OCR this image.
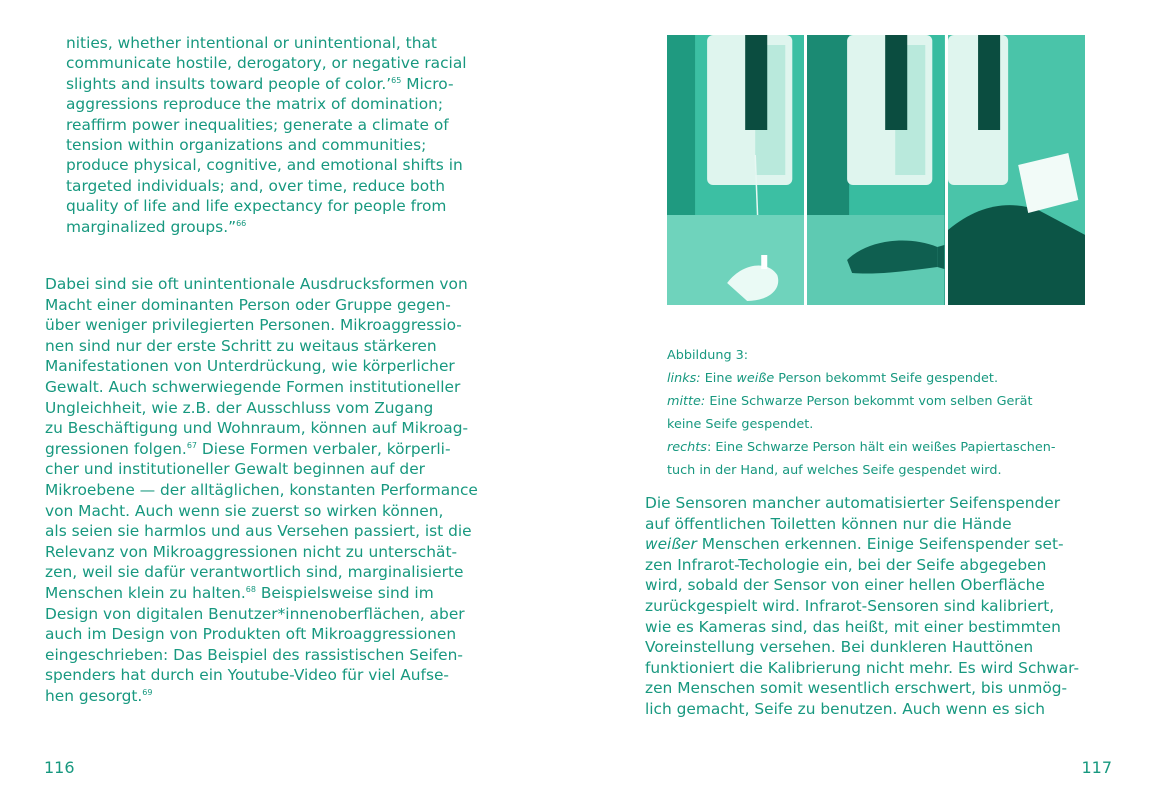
nities, whether intentional or unintentional, that
communicate hostile, derogatory, or negative racial
slights and insults toward people of color.’$^{65}$ Micro-
aggressions reproduce the matrix of domination;
reaffirm power inequalities; generate a climate of
tension within organizations and communities;
produce physical, cognitive, and emotional shifts in
targeted individuals; and, over time, reduce both
quality of life and life expectancy for people from
marginalized groups.”$^{66}$
Dabei sind sie oft unintentionale Ausdrucksformen von
Macht einer dominanten Person oder Gruppe gegen-
über weniger privilegierten Personen. Mikroaggressio-
nen sind nur der erste Schritt zu weitaus stärkeren
Manifestationen von Unterdrückung, wie körperlicher
Gewalt. Auch schwerwiegende Formen institutioneller
Ungleichheit, wie z.B. der Ausschluss vom Zugang
zu Beschäftigung und Wohnraum, können auf Mikroag-
gressionen folgen.$^{67}$ Diese Formen verbaler, körperli-
cher und institutioneller Gewalt beginnen auf der
Mikroebene — der alltäglichen, konstanten Performance
von Macht. Auch wenn sie zuerst so wirken können,
als seien sie harmlos und aus Versehen passiert, ist die
Relevanz von Mikroaggressionen nicht zu unterschät-
zen, weil sie dafür verantwortlich sind, marginalisierte
Menschen klein zu halten.$^{68}$ Beispielsweise sind im
Design von digitalen Benutzer*innenoberflächen, aber
auch im Design von Produkten oft Mikroaggressionen
eingeschrieben: Das Beispiel des rassistischen Seifen-
spenders hat durch ein Youtube-Video für viel Aufse-
hen gesorgt.$^{69}$
116
Abbildung 3:
links: Eine weiße Person bekommt Seife gespendet.
mitte: Eine Schwarze Person bekommt vom selben Gerät
keine Seife gespendet.
rechts: Eine Schwarze Person hält ein weißes Papiertaschen-
tuch in der Hand, auf welches Seife gespendet wird.
Die Sensoren mancher automatisierter Seifenspender
auf öffentlichen Toiletten können nur die Hände
weißer Menschen erkennen. Einige Seifenspender set-
zen Infrarot-Techologie ein, bei der Seife abgegeben
wird, sobald der Sensor von einer hellen Oberfläche
zurückgespielt wird. Infrarot-Sensoren sind kalibriert,
wie es Kameras sind, das heißt, mit einer bestimmten
Voreinstellung versehen. Bei dunkleren Hauttönen
funktioniert die Kalibrierung nicht mehr. Es wird Schwar-
zen Menschen somit wesentlich erschwert, bis unmög-
lich gemacht, Seife zu benutzen. Auch wenn es sich
117
